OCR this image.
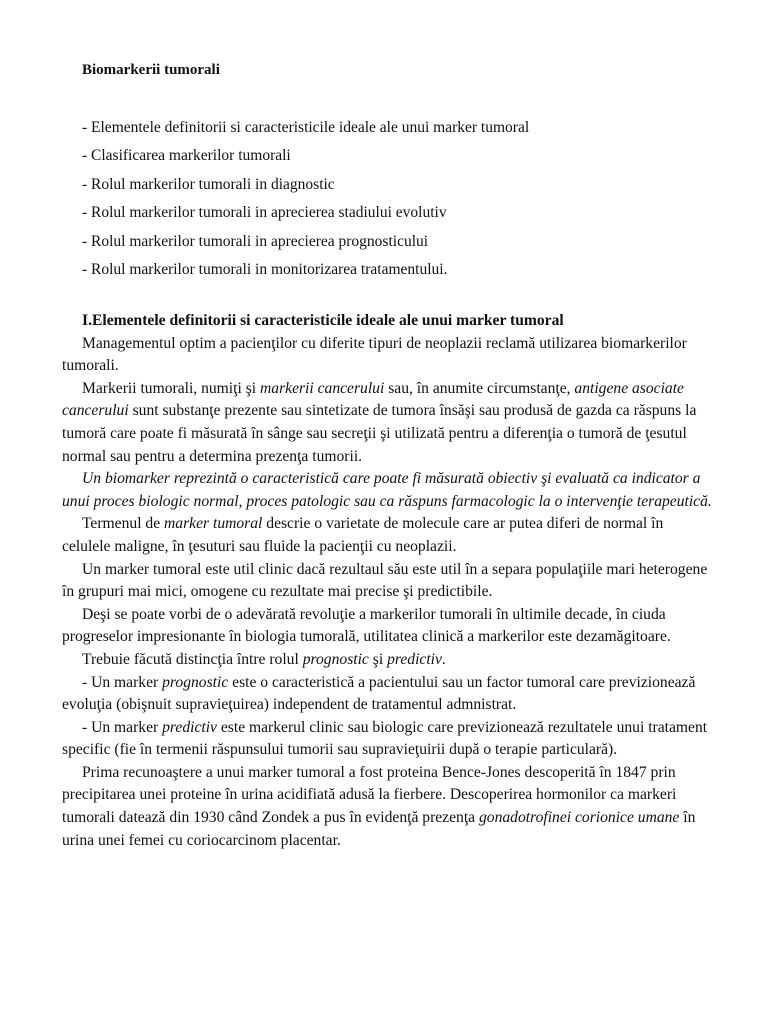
Biomarkerii tumorali
- Elementele definitorii si caracteristicile ideale ale unui marker tumoral
- Clasificarea markerilor tumorali
- Rolul markerilor tumorali in diagnostic
- Rolul markerilor tumorali in aprecierea stadiului evolutiv
- Rolul markerilor tumorali in aprecierea prognosticului
- Rolul markerilor tumorali in monitorizarea tratamentului.

I.Elementele definitorii si caracteristicile ideale ale unui marker tumoral

Managementul optim a pacienţilor cu diferite tipuri de neoplazii reclamă utilizarea biomarkerilor tumorali.

Markerii tumorali, numiţi şi markerii cancerului sau, în anumite circumstanţe, antigene asociate cancerului sunt substanţe prezente sau sintetizate de tumora însăşi sau produsă de gazda ca răspuns la tumoră care poate fi măsurată în sânge sau secreţii şi utilizată pentru a diferenţia o tumoră de ţesutul normal sau pentru a determina prezenţa tumorii.

Un biomarker reprezintă o caracteristică care poate fi măsurată obiectiv şi evaluată ca indicator a unui proces biologic normal, proces patologic sau ca răspuns farmacologic la o intervenţie terapeutică.

Termenul de marker tumoral descrie o varietate de molecule care ar putea diferi de normal în celulele maligne, în ţesuturi sau fluide la pacienţii cu neoplazii.

Un marker tumoral este util clinic dacă rezultaul său este util în a separa populaţiile mari heterogene în grupuri mai mici, omogene cu rezultate mai precise şi predictibile.

Deşi se poate vorbi de o adevărată revoluţie a markerilor tumorali în ultimile decade, în ciuda progreselor impresionante în biologia tumorală, utilitatea clinică a markerilor este dezamăgitoare.

Trebuie făcută distincţia între rolul prognostic şi predictiv.

- Un marker prognostic este o caracteristică a pacientului sau un factor tumoral care previzionează evoluţia (obişnuit supravieţuirea) independent de tratamentul admnistrat.

- Un marker predictiv este markerul clinic sau biologic care previzionează rezultatele unui tratament specific (fie în termenii răspunsului tumorii sau supravieţuirii după o terapie particulară).

Prima recunoaştere a unui marker tumoral a fost proteina Bence-Jones descoperită în 1847 prin precipitarea unei proteine în urina acidifiată adusă la fierbere. Descoperirea hormonilor ca markeri tumorali datează din 1930 când Zondek a pus în evidenţă prezenţa gonadotrofinei corionice umane în urina unei femei cu coriocarcinom placentar.
